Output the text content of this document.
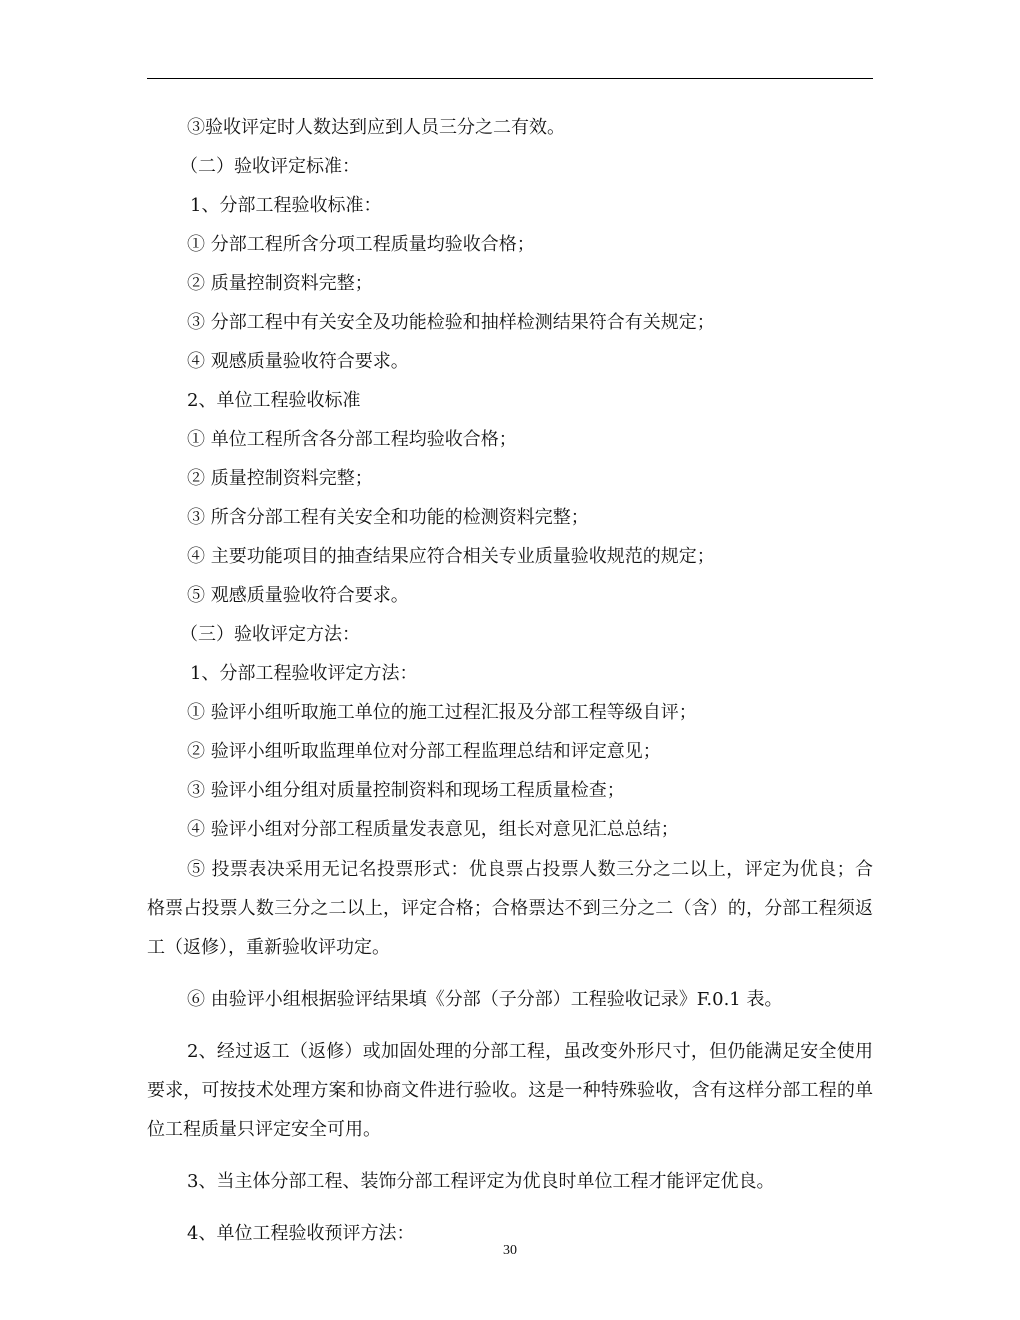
③验收评定时人数达到应到人员三分之二有效。
（二）验收评定标准：
1、分部工程验收标准：
① 分部工程所含分项工程质量均验收合格；
② 质量控制资料完整；
③ 分部工程中有关安全及功能检验和抽样检测结果符合有关规定；
④ 观感质量验收符合要求。
2、单位工程验收标准
① 单位工程所含各分部工程均验收合格；
② 质量控制资料完整；
③ 所含分部工程有关安全和功能的检测资料完整；
④ 主要功能项目的抽查结果应符合相关专业质量验收规范的规定；
⑤ 观感质量验收符合要求。
（三）验收评定方法：
1、分部工程验收评定方法：
① 验评小组听取施工单位的施工过程汇报及分部工程等级自评；
② 验评小组听取监理单位对分部工程监理总结和评定意见；
③ 验评小组分组对质量控制资料和现场工程质量检查；
④ 验评小组对分部工程质量发表意见，组长对意见汇总总结；

⑤ 投票表决采用无记名投票形式：优良票占投票人数三分之二以上，评定为优良；合格票占投票人数三分之二以上，评定合格；合格票达不到三分之二（含）的，分部工程须返工（返修），重新验收评功定。

⑥ 由验评小组根据验评结果填《分部（子分部）工程验收记录》F.0.1 表。

2、经过返工（返修）或加固处理的分部工程，虽改变外形尺寸，但仍能满足安全使用要求，可按技术处理方案和协商文件进行验收。这是一种特殊验收，含有这样分部工程的单位工程质量只评定安全可用。

3、当主体分部工程、装饰分部工程评定为优良时单位工程才能评定优良。

4、单位工程验收预评方法：

30
